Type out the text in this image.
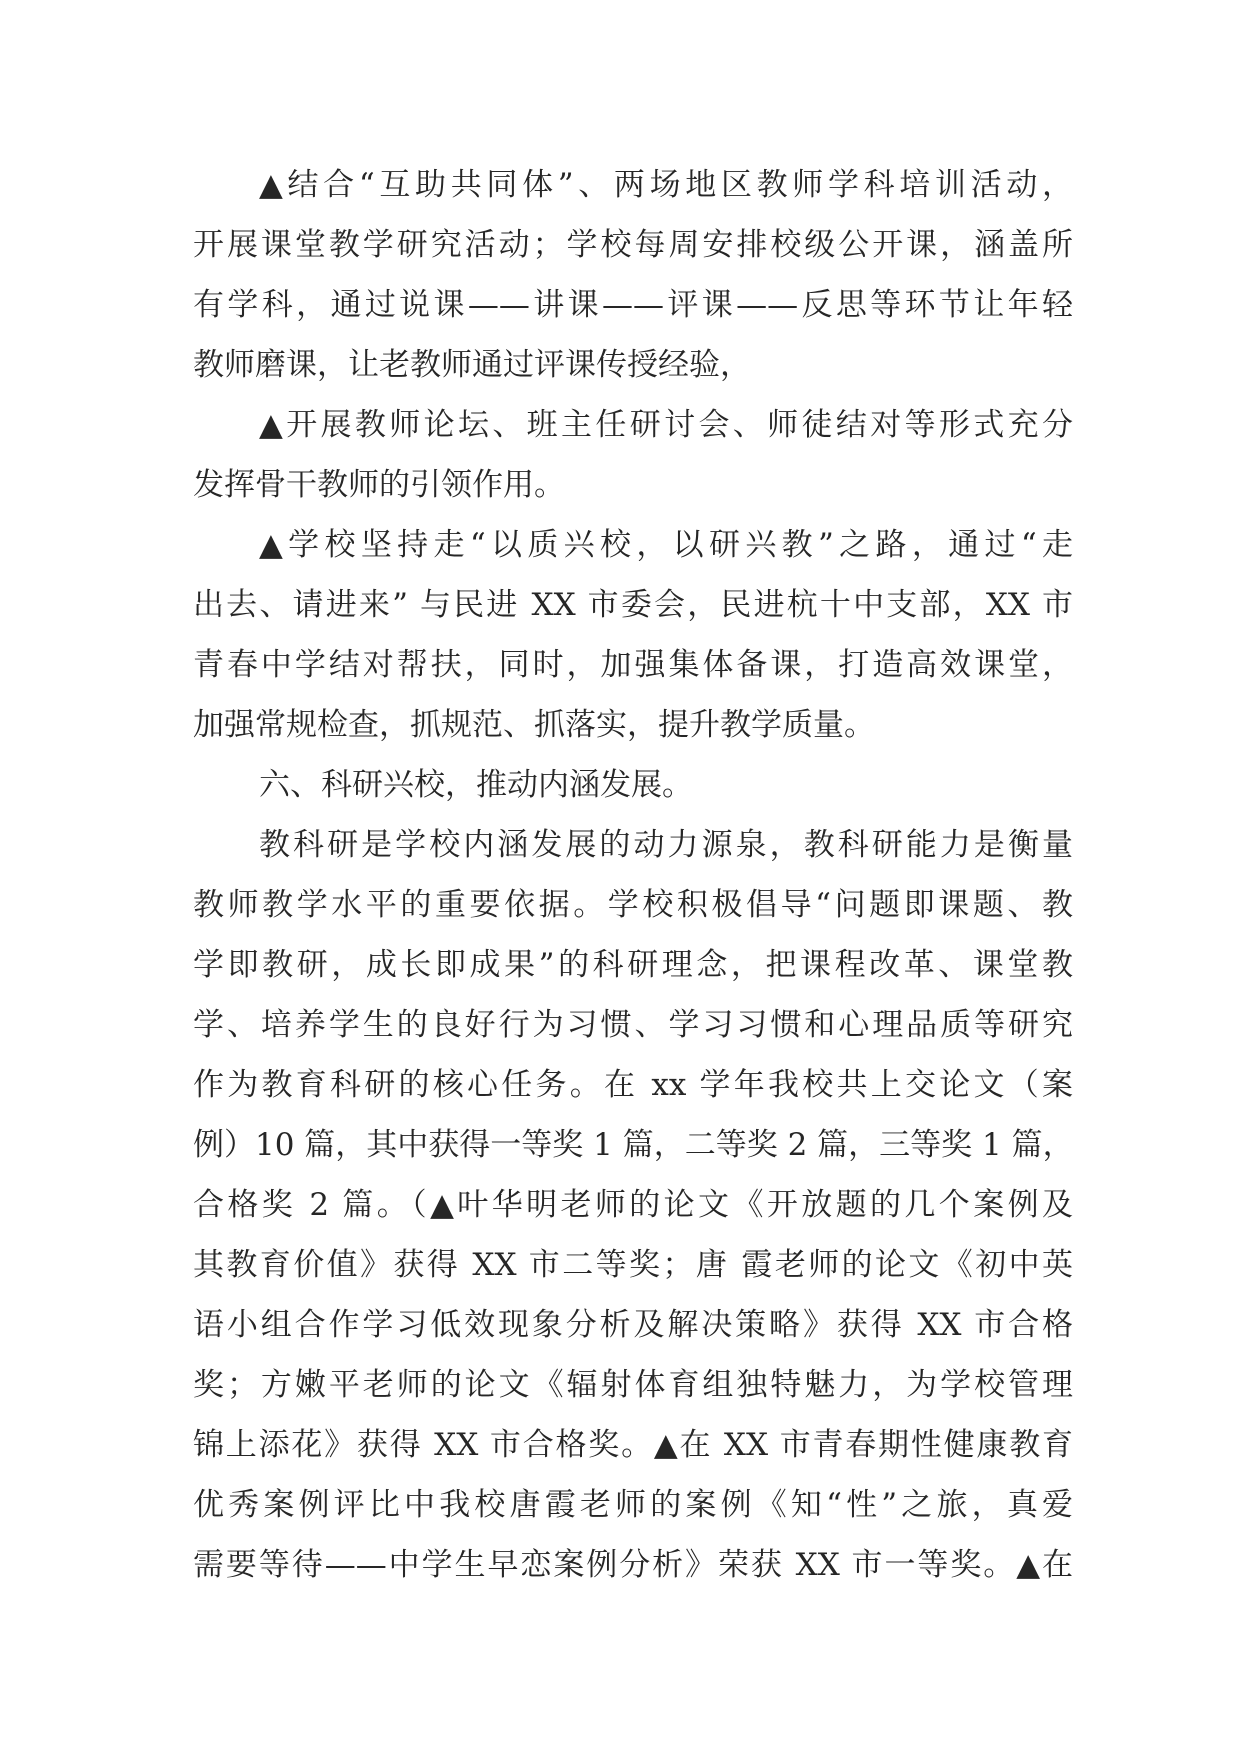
▲结合“互助共同体”、两场地区教师学科培训活动，
开展课堂教学研究活动；学校每周安排校级公开课，涵盖所
有学科，通过说课——讲课——评课——反思等环节让年轻
教师磨课，让老教师通过评课传授经验，
▲开展教师论坛、班主任研讨会、师徒结对等形式充分
发挥骨干教师的引领作用。
▲学校坚持走“以质兴校，以研兴教”之路，通过“走
出去、请进来” 与民进 XX 市委会，民进杭十中支部，XX 市
青春中学结对帮扶，同时，加强集体备课，打造高效课堂，
加强常规检查，抓规范、抓落实，提升教学质量。
六、科研兴校，推动内涵发展。
教科研是学校内涵发展的动力源泉，教科研能力是衡量
教师教学水平的重要依据。学校积极倡导“问题即课题、教
学即教研，成长即成果”的科研理念，把课程改革、课堂教
学、培养学生的良好行为习惯、学习习惯和心理品质等研究
作为教育科研的核心任务。在 xx 学年我校共上交论文（案
例）10 篇，其中获得一等奖 1 篇，二等奖 2 篇，三等奖 1 篇，
合格奖 2 篇。（▲叶华明老师的论文《开放题的几个案例及
其教育价值》获得 XX 市二等奖；唐 霞老师的论文《初中英
语小组合作学习低效现象分析及解决策略》获得 XX 市合格
奖；方嫩平老师的论文《辐射体育组独特魅力，为学校管理
锦上添花》获得 XX 市合格奖。▲在 XX 市青春期性健康教育
优秀案例评比中我校唐霞老师的案例《知“性”之旅，真爱
需要等待——中学生早恋案例分析》荣获 XX 市一等奖。▲在
